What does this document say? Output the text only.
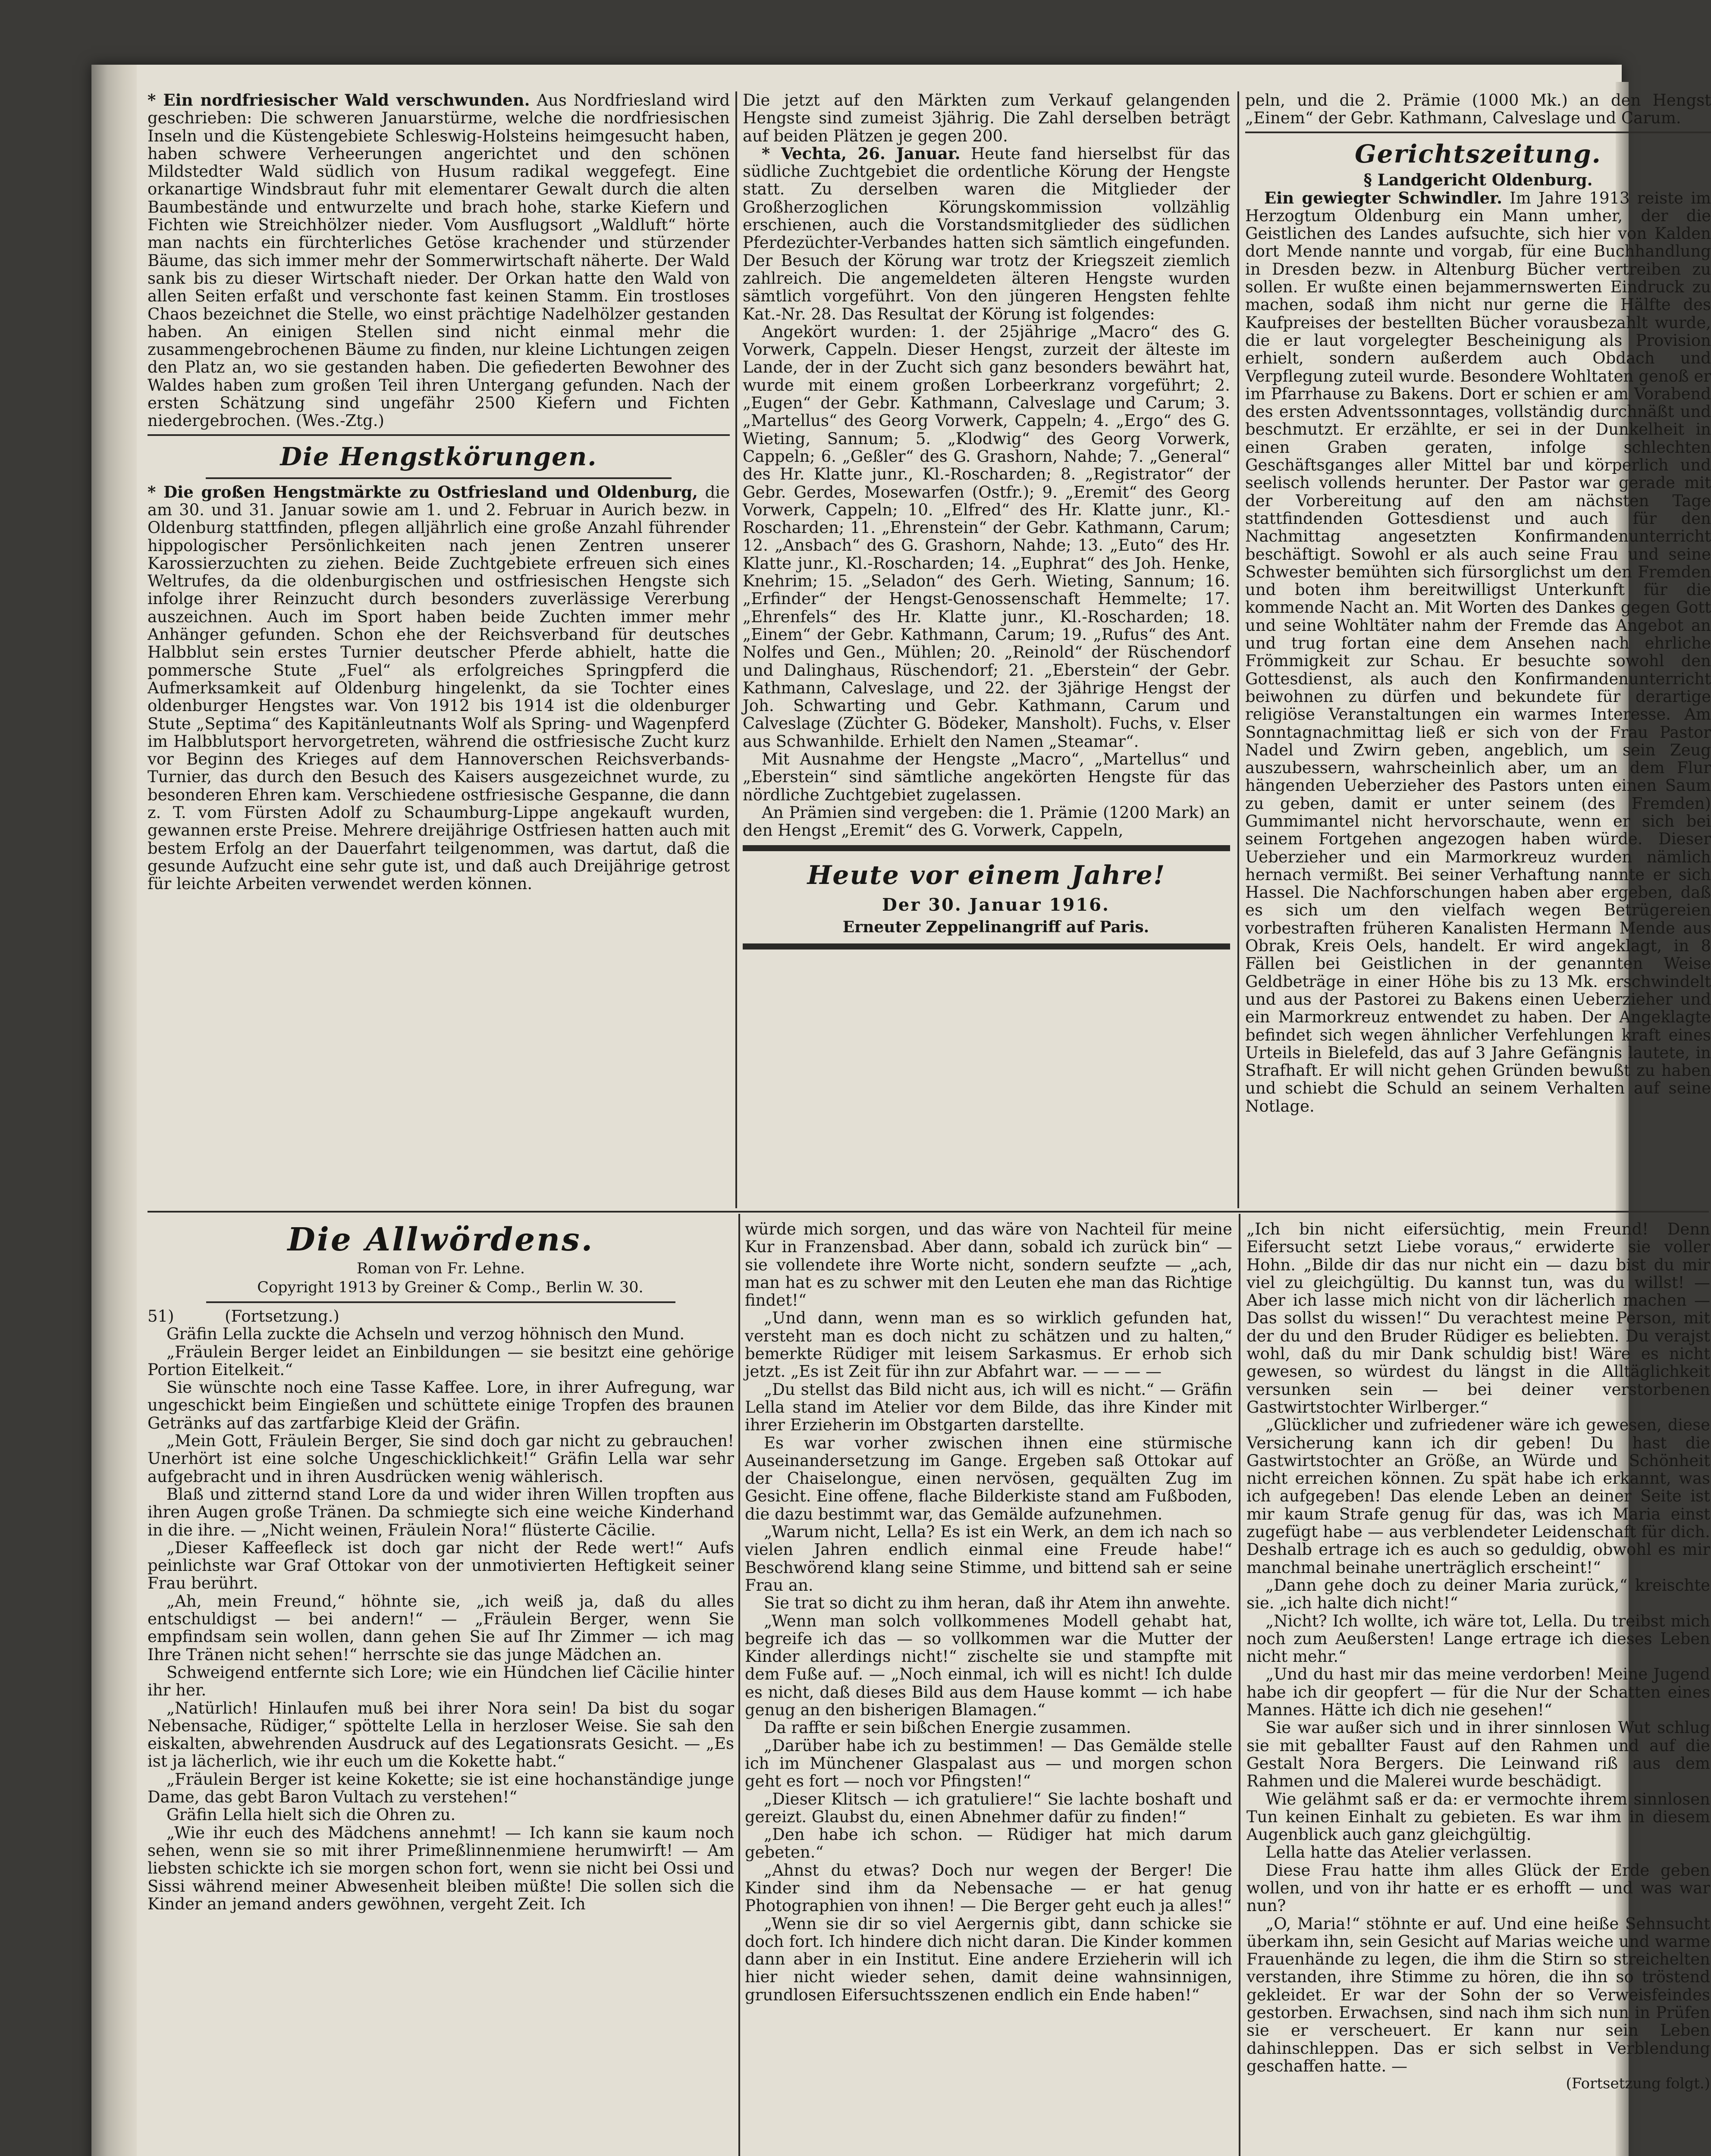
* Ein nordfriesischer Wald verschwunden. Aus Nordfriesland wird geschrieben: Die schweren Januarstürme, welche die nordfriesischen Inseln und die Küstengebiete Schleswig-Holsteins heimgesucht haben, haben schwere Verheerungen angerichtet und den schönen Mildstedter Wald südlich von Husum radikal weggefegt. Eine orkanartige Windsbraut fuhr mit elementarer Gewalt durch die alten Baumbestände und entwurzelte und brach hohe, starke Kiefern und Fichten wie Streichhölzer nieder. Vom Ausflugsort „Waldluft“ hörte man nachts ein fürchterliches Getöse krachender und stürzender Bäume, das sich immer mehr der Sommerwirtschaft näherte. Der Wald sank bis zu dieser Wirtschaft nieder. Der Orkan hatte den Wald von allen Seiten erfaßt und verschonte fast keinen Stamm. Ein trostloses Chaos bezeichnet die Stelle, wo einst prächtige Nadelhölzer gestanden haben. An einigen Stellen sind nicht einmal mehr die zusammengebrochenen Bäume zu finden, nur kleine Lichtungen zeigen den Platz an, wo sie gestanden haben. Die gefiederten Bewohner des Waldes haben zum großen Teil ihren Untergang gefunden. Nach der ersten Schätzung sind ungefähr 2500 Kiefern und Fichten niedergebrochen. (Wes.-Ztg.)

Die Hengstkörungen.

* Die großen Hengstmärkte zu Ostfriesland und Oldenburg, die am 30. und 31. Januar sowie am 1. und 2. Februar in Aurich bezw. in Oldenburg stattfinden, pflegen alljährlich eine große Anzahl führender hippologischer Persönlichkeiten nach jenen Zentren unserer Karossierzuchten zu ziehen. Beide Zuchtgebiete erfreuen sich eines Weltrufes, da die oldenburgischen und ostfriesischen Hengste sich infolge ihrer Reinzucht durch besonders zuverlässige Vererbung auszeichnen. Auch im Sport haben beide Zuchten immer mehr Anhänger gefunden. Schon ehe der Reichsverband für deutsches Halbblut sein erstes Turnier deutscher Pferde abhielt, hatte die pommersche Stute „Fuel“ als erfolgreiches Springpferd die Aufmerksamkeit auf Oldenburg hingelenkt, da sie Tochter eines oldenburger Hengstes war. Von 1912 bis 1914 ist die oldenburger Stute „Septima“ des Kapitänleutnants Wolf als Spring- und Wagenpferd im Halbblutsport hervorgetreten, während die ostfriesische Zucht kurz vor Beginn des Krieges auf dem Hannoverschen Reichsverbands-Turnier, das durch den Besuch des Kaisers ausgezeichnet wurde, zu besonderen Ehren kam. Verschiedene ostfriesische Gespanne, die dann z. T. vom Fürsten Adolf zu Schaumburg-Lippe angekauft wurden, gewannen erste Preise. Mehrere dreijährige Ostfriesen hatten auch mit bestem Erfolg an der Dauerfahrt teilgenommen, was dartut, daß die gesunde Aufzucht eine sehr gute ist, und daß auch Dreijährige getrost für leichte Arbeiten verwendet werden können.

Die jetzt auf den Märkten zum Verkauf gelangenden Hengste sind zumeist 3jährig. Die Zahl derselben beträgt auf beiden Plätzen je gegen 200.

* Vechta, 26. Januar. Heute fand hierselbst für das südliche Zuchtgebiet die ordentliche Körung der Hengste statt. Zu derselben waren die Mitglieder der Großherzoglichen Körungskommission vollzählig erschienen, auch die Vorstandsmitglieder des südlichen Pferdezüchter-Verbandes hatten sich sämtlich eingefunden. Der Besuch der Körung war trotz der Kriegszeit ziemlich zahlreich. Die angemeldeten älteren Hengste wurden sämtlich vorgeführt. Von den jüngeren Hengsten fehlte Kat.-Nr. 28. Das Resultat der Körung ist folgendes:

Angekört wurden: 1. der 25jährige „Macro“ des G. Vorwerk, Cappeln. Dieser Hengst, zurzeit der älteste im Lande, der in der Zucht sich ganz besonders bewährt hat, wurde mit einem großen Lorbeerkranz vorgeführt; 2. „Eugen“ der Gebr. Kathmann, Calveslage und Carum; 3. „Martellus“ des Georg Vorwerk, Cappeln; 4. „Ergo“ des G. Wieting, Sannum; 5. „Klodwig“ des Georg Vorwerk, Cappeln; 6. „Geßler“ des G. Grashorn, Nahde; 7. „General“ des Hr. Klatte junr., Kl.-Roscharden; 8. „Registrator“ der Gebr. Gerdes, Mosewarfen (Ostfr.); 9. „Eremit“ des Georg Vorwerk, Cappeln; 10. „Elfred“ des Hr. Klatte junr., Kl.-Roscharden; 11. „Ehrenstein“ der Gebr. Kathmann, Carum; 12. „Ansbach“ des G. Grashorn, Nahde; 13. „Euto“ des Hr. Klatte junr., Kl.-Roscharden; 14. „Euphrat“ des Joh. Henke, Knehrim; 15. „Seladon“ des Gerh. Wieting, Sannum; 16. „Erfinder“ der Hengst-Genossenschaft Hemmelte; 17. „Ehrenfels“ des Hr. Klatte junr., Kl.-Roscharden; 18. „Einem“ der Gebr. Kathmann, Carum; 19. „Rufus“ des Ant. Nolfes und Gen., Mühlen; 20. „Reinold“ der Rüschendorf und Dalinghaus, Rüschendorf; 21. „Eberstein“ der Gebr. Kathmann, Calveslage, und 22. der 3jährige Hengst der Joh. Schwarting und Gebr. Kathmann, Carum und Calveslage (Züchter G. Bödeker, Mansholt). Fuchs, v. Elser aus Schwanhilde. Erhielt den Namen „Steamar“.

Mit Ausnahme der Hengste „Macro“, „Martellus“ und „Eberstein“ sind sämtliche angekörten Hengste für das nördliche Zuchtgebiet zugelassen.

An Prämien sind vergeben: die 1. Prämie (1200 Mark) an den Hengst „Eremit“ des G. Vorwerk, Cappeln,

Heute vor einem Jahre!

Der 30. Januar 1916.

Erneuter Zeppelinangriff auf Paris.

peln, und die 2. Prämie (1000 Mk.) an den Hengst „Einem“ der Gebr. Kathmann, Calveslage und Carum.

Gerichtszeitung.

§ Landgericht Oldenburg.

Ein gewiegter Schwindler. Im Jahre 1913 reiste im Herzogtum Oldenburg ein Mann umher, der die Geistlichen des Landes aufsuchte, sich hier von Kalden dort Mende nannte und vorgab, für eine Buchhandlung in Dresden bezw. in Altenburg Bücher vertreiben zu sollen. Er wußte einen bejammernswerten Eindruck zu machen, sodaß ihm nicht nur gerne die Hälfte des Kaufpreises der bestellten Bücher vorausbezahlt wurde, die er laut vorgelegter Bescheinigung als Provision erhielt, sondern außerdem auch Obdach und Verpflegung zuteil wurde. Besondere Wohltaten genoß er im Pfarrhause zu Bakens. Dort er schien er am Vorabend des ersten Adventssonntages, vollständig durchnäßt und beschmutzt. Er erzählte, er sei in der Dunkelheit in einen Graben geraten, infolge schlechten Geschäftsganges aller Mittel bar und körperlich und seelisch vollends herunter. Der Pastor war gerade mit der Vorbereitung auf den am nächsten Tage stattfindenden Gottesdienst und auch für den Nachmittag angesetzten Konfirmandenunterricht beschäftigt. Sowohl er als auch seine Frau und seine Schwester bemühten sich fürsorglichst um den Fremden und boten ihm bereitwilligst Unterkunft für die kommende Nacht an. Mit Worten des Dankes gegen Gott und seine Wohltäter nahm der Fremde das Angebot an und trug fortan eine dem Ansehen nach ehrliche Frömmigkeit zur Schau. Er besuchte sowohl den Gottesdienst, als auch den Konfirmandenunterricht beiwohnen zu dürfen und bekundete für derartige religiöse Veranstaltungen ein warmes Interesse. Am Sonntagnachmittag ließ er sich von der Frau Pastor Nadel und Zwirn geben, angeblich, um sein Zeug auszubessern, wahrscheinlich aber, um an dem Flur hängenden Ueberzieher des Pastors unten einen Saum zu geben, damit er unter seinem (des Fremden) Gummimantel nicht hervorschaute, wenn er sich bei seinem Fortgehen angezogen haben würde. Dieser Ueberzieher und ein Marmorkreuz wurden nämlich hernach vermißt. Bei seiner Verhaftung nannte er sich Hassel. Die Nachforschungen haben aber ergeben, daß es sich um den vielfach wegen Betrügereien vorbestraften früheren Kanalisten Hermann Mende aus Obrak, Kreis Oels, handelt. Er wird angeklagt, in 8 Fällen bei Geistlichen in der genannten Weise Geldbeträge in einer Höhe bis zu 13 Mk. erschwindelt und aus der Pastorei zu Bakens einen Ueberzieher und ein Marmorkreuz entwendet zu haben. Der Angeklagte befindet sich wegen ähnlicher Verfehlungen kraft eines Urteils in Bielefeld, das auf 3 Jahre Gefängnis lautete, in Strafhaft. Er will nicht gehen Gründen bewußt zu haben und schiebt die Schuld an seinem Verhalten auf seine Notlage.

Die Allwördens.

Roman von Fr. Lehne.

Copyright 1913 by Greiner & Comp., Berlin W. 30.

51)	(Fortsetzung.)

Gräfin Lella zuckte die Achseln und verzog höhnisch den Mund.

„Fräulein Berger leidet an Einbildungen — sie besitzt eine gehörige Portion Eitelkeit.“

Sie wünschte noch eine Tasse Kaffee. Lore, in ihrer Aufregung, war ungeschickt beim Eingießen und schüttete einige Tropfen des braunen Getränks auf das zartfarbige Kleid der Gräfin.

„Mein Gott, Fräulein Berger, Sie sind doch gar nicht zu gebrauchen! Unerhört ist eine solche Ungeschicklichkeit!“ Gräfin Lella war sehr aufgebracht und in ihren Ausdrücken wenig wählerisch.

Blaß und zitternd stand Lore da und wider ihren Willen tropften aus ihren Augen große Tränen. Da schmiegte sich eine weiche Kinderhand in die ihre. — „Nicht weinen, Fräulein Nora!“ flüsterte Cäcilie.

„Dieser Kaffeefleck ist doch gar nicht der Rede wert!“ Aufs peinlichste war Graf Ottokar von der unmotivierten Heftigkeit seiner Frau berührt.

„Ah, mein Freund,“ höhnte sie, „ich weiß ja, daß du alles entschuldigst — bei andern!“ — „Fräulein Berger, wenn Sie empfindsam sein wollen, dann gehen Sie auf Ihr Zimmer — ich mag Ihre Tränen nicht sehen!“ herrschte sie das junge Mädchen an.

Schweigend entfernte sich Lore; wie ein Hündchen lief Cäcilie hinter ihr her.

„Natürlich! Hinlaufen muß bei ihrer Nora sein! Da bist du sogar Nebensache, Rüdiger,“ spöttelte Lella in herzloser Weise. Sie sah den eiskalten, abwehrenden Ausdruck auf des Legationsrats Gesicht. — „Es ist ja lächerlich, wie ihr euch um die Kokette habt.“

„Fräulein Berger ist keine Kokette; sie ist eine hochanständige junge Dame, das gebt Baron Vultach zu verstehen!“

Gräfin Lella hielt sich die Ohren zu.

„Wie ihr euch des Mädchens annehmt! — Ich kann sie kaum noch sehen, wenn sie so mit ihrer Primeßlinnenmiene herumwirft! — Am liebsten schickte ich sie morgen schon fort, wenn sie nicht bei Ossi und Sissi während meiner Abwesenheit bleiben müßte! Die sollen sich die Kinder an jemand anders gewöhnen, vergeht Zeit. Ich

würde mich sorgen, und das wäre von Nachteil für meine Kur in Franzensbad. Aber dann, sobald ich zurück bin“ — sie vollendete ihre Worte nicht, sondern seufzte — „ach, man hat es zu schwer mit den Leuten ehe man das Richtige findet!“

„Und dann, wenn man es so wirklich gefunden hat, versteht man es doch nicht zu schätzen und zu halten,“ bemerkte Rüdiger mit leisem Sarkasmus. Er erhob sich jetzt. „Es ist Zeit für ihn zur Abfahrt war. — — — —

„Du stellst das Bild nicht aus, ich will es nicht.“ — Gräfin Lella stand im Atelier vor dem Bilde, das ihre Kinder mit ihrer Erzieherin im Obstgarten darstellte.

Es war vorher zwischen ihnen eine stürmische Auseinandersetzung im Gange. Ergeben saß Ottokar auf der Chaiselongue, einen nervösen, gequälten Zug im Gesicht. Eine offene, flache Bilderkiste stand am Fußboden, die dazu bestimmt war, das Gemälde aufzunehmen.

„Warum nicht, Lella? Es ist ein Werk, an dem ich nach so vielen Jahren endlich einmal eine Freude habe!“ Beschwörend klang seine Stimme, und bittend sah er seine Frau an.

Sie trat so dicht zu ihm heran, daß ihr Atem ihn anwehte.

„Wenn man solch vollkommenes Modell gehabt hat, begreife ich das — so vollkommen war die Mutter der Kinder allerdings nicht!“ zischelte sie und stampfte mit dem Fuße auf. — „Noch einmal, ich will es nicht! Ich dulde es nicht, daß dieses Bild aus dem Hause kommt — ich habe genug an den bisherigen Blamagen.“

Da raffte er sein bißchen Energie zusammen.

„Darüber habe ich zu bestimmen! — Das Gemälde stelle ich im Münchener Glaspalast aus — und morgen schon geht es fort — noch vor Pfingsten!“

„Dieser Klitsch — ich gratuliere!“ Sie lachte boshaft und gereizt. Glaubst du, einen Abnehmer dafür zu finden!“

„Den habe ich schon. — Rüdiger hat mich darum gebeten.“

„Ahnst du etwas? Doch nur wegen der Berger! Die Kinder sind ihm da Nebensache — er hat genug Photographien von ihnen! — Die Berger geht euch ja alles!“

„Wenn sie dir so viel Aergernis gibt, dann schicke sie doch fort. Ich hindere dich nicht daran. Die Kinder kommen dann aber in ein Institut. Eine andere Erzieherin will ich hier nicht wieder sehen, damit deine wahnsinnigen, grundlosen Eifersuchtsszenen endlich ein Ende haben!“

„Ich bin nicht eifersüchtig, mein Freund! Denn Eifersucht setzt Liebe voraus,“ erwiderte sie voller Hohn. „Bilde dir das nur nicht ein — dazu bist du mir viel zu gleichgültig. Du kannst tun, was du willst! — Aber ich lasse mich nicht von dir lächerlich machen — Das sollst du wissen!“ Du verachtest meine Person, mit der du und den Bruder Rüdiger es beliebten. Du verajst wohl, daß du mir Dank schuldig bist! Wäre es nicht gewesen, so würdest du längst in die Alltäglichkeit versunken sein — bei deiner verstorbenen Gastwirtstochter Wirlberger.“

„Glücklicher und zufriedener wäre ich gewesen, diese Versicherung kann ich dir geben! Du hast die Gastwirtstochter an Größe, an Würde und Schönheit nicht erreichen können. Zu spät habe ich erkannt, was ich aufgegeben! Das elende Leben an deiner Seite ist mir kaum Strafe genug für das, was ich Maria einst zugefügt habe — aus verblendeter Leidenschaft für dich. Deshalb ertrage ich es auch so geduldig, obwohl es mir manchmal beinahe unerträglich erscheint!“

„Dann gehe doch zu deiner Maria zurück,“ kreischte sie. „ich halte dich nicht!“

„Nicht? Ich wollte, ich wäre tot, Lella. Du treibst mich noch zum Aeußersten! Lange ertrage ich dieses Leben nicht mehr.“

„Und du hast mir das meine verdorben! Meine Jugend habe ich dir geopfert — für die Nur der Schatten eines Mannes. Hätte ich dich nie gesehen!“

Sie war außer sich und in ihrer sinnlosen Wut schlug sie mit geballter Faust auf den Rahmen und auf die Gestalt Nora Bergers. Die Leinwand riß aus dem Rahmen und die Malerei wurde beschädigt.

Wie gelähmt saß er da: er vermochte ihrem sinnlosen Tun keinen Einhalt zu gebieten. Es war ihm in diesem Augenblick auch ganz gleichgültig.

Lella hatte das Atelier verlassen.

Diese Frau hatte ihm alles Glück der Erde geben wollen, und von ihr hatte er es erhofft — und was war nun?

„O, Maria!“ stöhnte er auf. Und eine heiße Sehnsucht überkam ihn, sein Gesicht auf Marias weiche und warme Frauenhände zu legen, die ihm die Stirn so streichelten verstanden, ihre Stimme zu hören, die ihn so tröstend gekleidet. Er war der Sohn der so Verweisfeindes gestorben. Erwachsen, sind nach ihm sich nun in Prüfen sie er verscheuert. Er kann nur sein Leben dahinschleppen. Das er sich selbst in Verblendung geschaffen hatte. —

(Fortsetzung folgt.)
